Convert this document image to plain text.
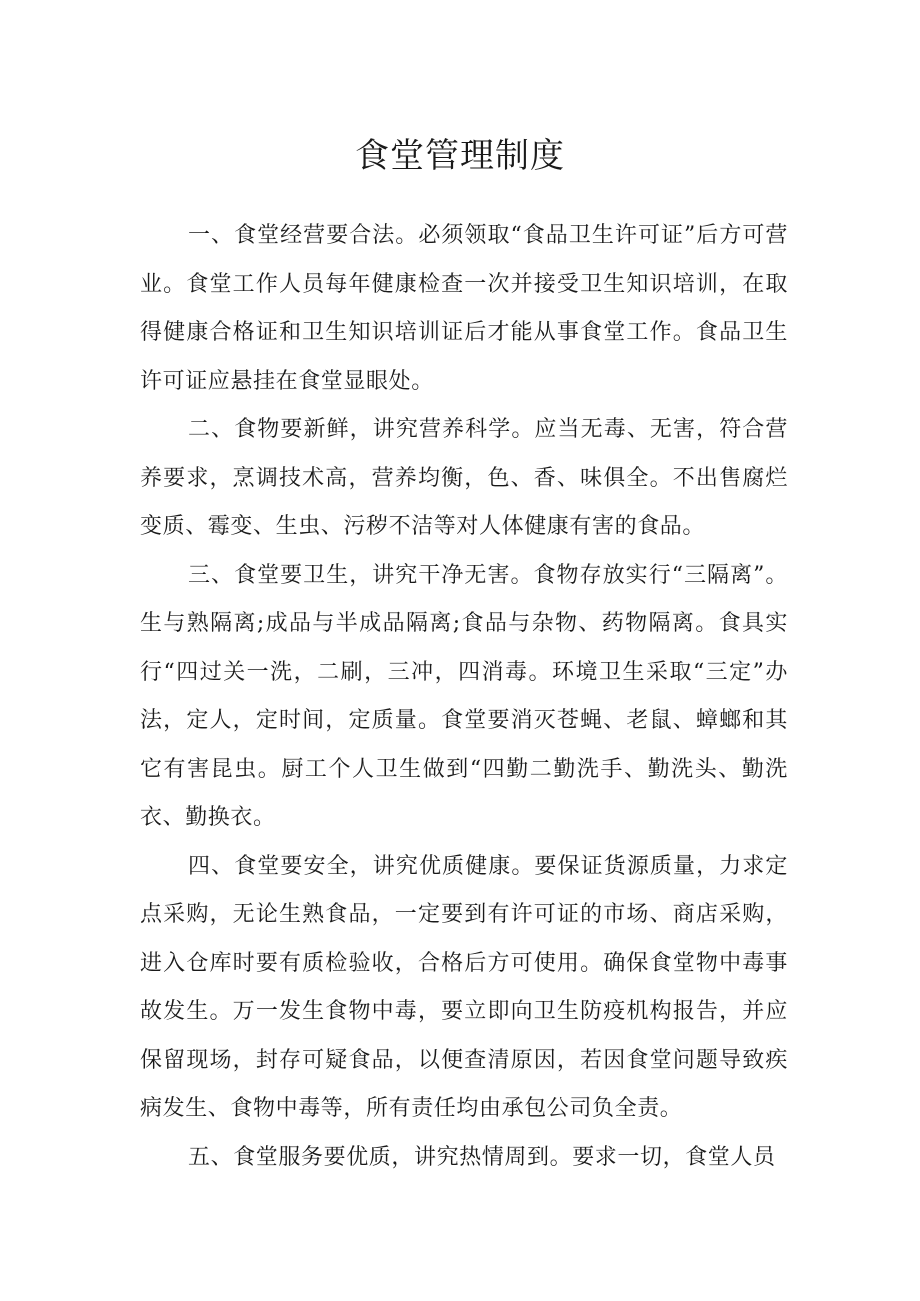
食堂管理制度

一、食堂经营要合法。必须领取“食品卫生许可证”后方可营业。食堂工作人员每年健康检查一次并接受卫生知识培训，在取得健康合格证和卫生知识培训证后才能从事食堂工作。食品卫生许可证应悬挂在食堂显眼处。

二、食物要新鲜，讲究营养科学。应当无毒、无害，符合营养要求，烹调技术高，营养均衡，色、香、味俱全。不出售腐烂变质、霉变、生虫、污秽不洁等对人体健康有害的食品。

三、食堂要卫生，讲究干净无害。食物存放实行“三隔离”。生与熟隔离;成品与半成品隔离;食品与杂物、药物隔离。食具实行“四过关一洗，二刷，三冲，四消毒。环境卫生采取“三定”办法，定人，定时间，定质量。食堂要消灭苍蝇、老鼠、蟑螂和其它有害昆虫。厨工个人卫生做到“四勤二勤洗手、勤洗头、勤洗衣、勤换衣。

四、食堂要安全，讲究优质健康。要保证货源质量，力求定点采购，无论生熟食品，一定要到有许可证的市场、商店采购，进入仓库时要有质检验收，合格后方可使用。确保食堂物中毒事故发生。万一发生食物中毒，要立即向卫生防疫机构报告，并应保留现场，封存可疑食品，以便查清原因，若因食堂问题导致疾病发生、食物中毒等，所有责任均由承包公司负全责。

五、食堂服务要优质，讲究热情周到。要求一切，食堂人员
